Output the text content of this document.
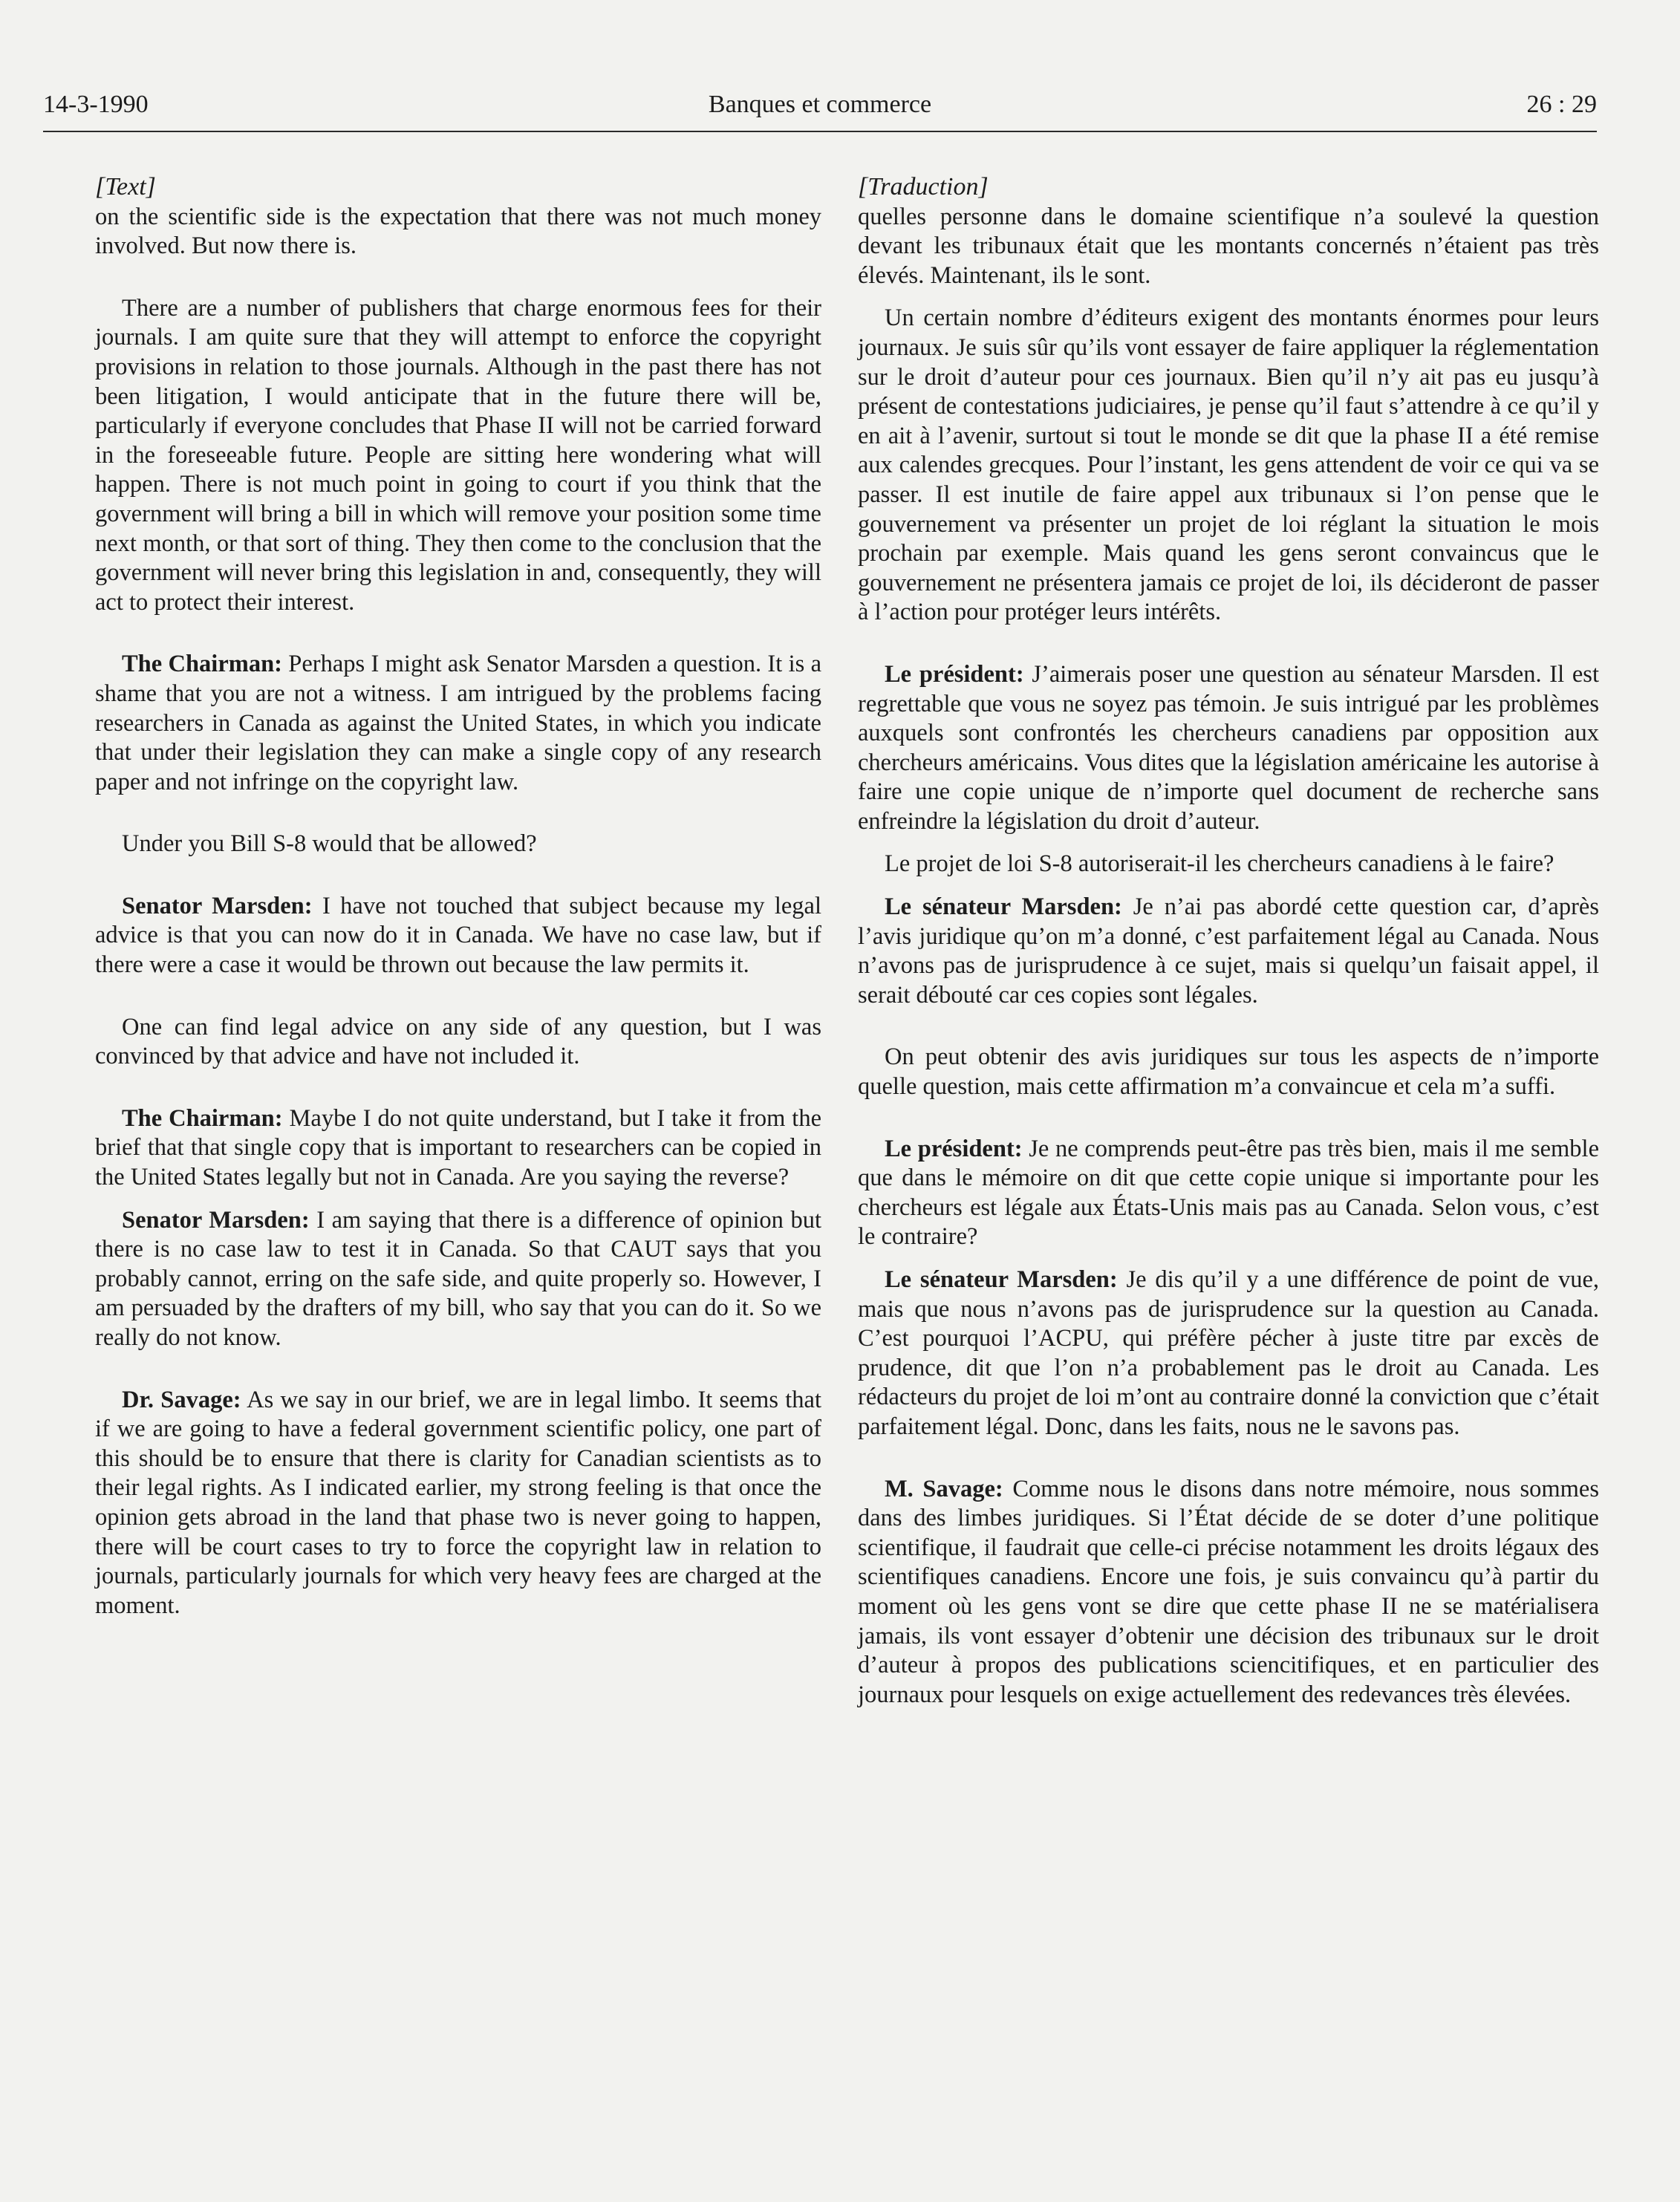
14-3-1990	Banques et commerce	26 : 29
[Text]

on the scientific side is the expectation that there was not much money involved. But now there is.

There are a number of publishers that charge enormous fees for their journals. I am quite sure that they will attempt to enforce the copyright provisions in relation to those journals. Although in the past there has not been litigation, I would anticipate that in the future there will be, particularly if everyone concludes that Phase II will not be carried forward in the foreseeable future. People are sitting here wondering what will happen. There is not much point in going to court if you think that the government will bring a bill in which will remove your position some time next month, or that sort of thing. They then come to the conclusion that the government will never bring this legislation in and, consequently, they will act to protect their interest.

The Chairman: Perhaps I might ask Senator Marsden a question. It is a shame that you are not a witness. I am intrigued by the problems facing researchers in Canada as against the United States, in which you indicate that under their legislation they can make a single copy of any research paper and not infringe on the copyright law.

Under you Bill S-8 would that be allowed?

Senator Marsden: I have not touched that subject because my legal advice is that you can now do it in Canada. We have no case law, but if there were a case it would be thrown out because the law permits it.

One can find legal advice on any side of any question, but I was convinced by that advice and have not included it.

The Chairman: Maybe I do not quite understand, but I take it from the brief that that single copy that is important to researchers can be copied in the United States legally but not in Canada. Are you saying the reverse?

Senator Marsden: I am saying that there is a difference of opinion but there is no case law to test it in Canada. So that CAUT says that you probably cannot, erring on the safe side, and quite properly so. However, I am persuaded by the drafters of my bill, who say that you can do it. So we really do not know.

Dr. Savage: As we say in our brief, we are in legal limbo. It seems that if we are going to have a federal government scientific policy, one part of this should be to ensure that there is clarity for Canadian scientists as to their legal rights. As I indicated earlier, my strong feeling is that once the opinion gets abroad in the land that phase two is never going to happen, there will be court cases to try to force the copyright law in relation to journals, particularly journals for which very heavy fees are charged at the moment.

[Traduction]

quelles personne dans le domaine scientifique n’a soulevé la question devant les tribunaux était que les montants concernés n’étaient pas très élevés. Maintenant, ils le sont.

Un certain nombre d’éditeurs exigent des montants énormes pour leurs journaux. Je suis sûr qu’ils vont essayer de faire appliquer la réglementation sur le droit d’auteur pour ces journaux. Bien qu’il n’y ait pas eu jusqu’à présent de contestations judiciaires, je pense qu’il faut s’attendre à ce qu’il y en ait à l’avenir, surtout si tout le monde se dit que la phase II a été remise aux calendes grecques. Pour l’instant, les gens attendent de voir ce qui va se passer. Il est inutile de faire appel aux tribunaux si l’on pense que le gouvernement va présenter un projet de loi réglant la situation le mois prochain par exemple. Mais quand les gens seront convaincus que le gouvernement ne présentera jamais ce projet de loi, ils décideront de passer à l’action pour protéger leurs intérêts.

Le président: J’aimerais poser une question au sénateur Marsden. Il est regrettable que vous ne soyez pas témoin. Je suis intrigué par les problèmes auxquels sont confrontés les chercheurs canadiens par opposition aux chercheurs américains. Vous dites que la législation américaine les autorise à faire une copie unique de n’importe quel document de recherche sans enfreindre la législation du droit d’auteur.

Le projet de loi S-8 autoriserait-il les chercheurs canadiens à le faire?

Le sénateur Marsden: Je n’ai pas abordé cette question car, d’après l’avis juridique qu’on m’a donné, c’est parfaitement légal au Canada. Nous n’avons pas de jurisprudence à ce sujet, mais si quelqu’un faisait appel, il serait débouté car ces copies sont légales.

On peut obtenir des avis juridiques sur tous les aspects de n’importe quelle question, mais cette affirmation m’a convaincue et cela m’a suffi.

Le président: Je ne comprends peut-être pas très bien, mais il me semble que dans le mémoire on dit que cette copie unique si importante pour les chercheurs est légale aux États-Unis mais pas au Canada. Selon vous, c’est le contraire?

Le sénateur Marsden: Je dis qu’il y a une différence de point de vue, mais que nous n’avons pas de jurisprudence sur la question au Canada. C’est pourquoi l’ACPU, qui préfère pécher à juste titre par excès de prudence, dit que l’on n’a probablement pas le droit au Canada. Les rédacteurs du projet de loi m’ont au contraire donné la conviction que c’était parfaitement légal. Donc, dans les faits, nous ne le savons pas.

M. Savage: Comme nous le disons dans notre mémoire, nous sommes dans des limbes juridiques. Si l’État décide de se doter d’une politique scientifique, il faudrait que celle-ci précise notamment les droits légaux des scientifiques canadiens. Encore une fois, je suis convaincu qu’à partir du moment où les gens vont se dire que cette phase II ne se matérialisera jamais, ils vont essayer d’obtenir une décision des tribunaux sur le droit d’auteur à propos des publications sciencitifiques, et en particulier des journaux pour lesquels on exige actuellement des redevances très élevées.
